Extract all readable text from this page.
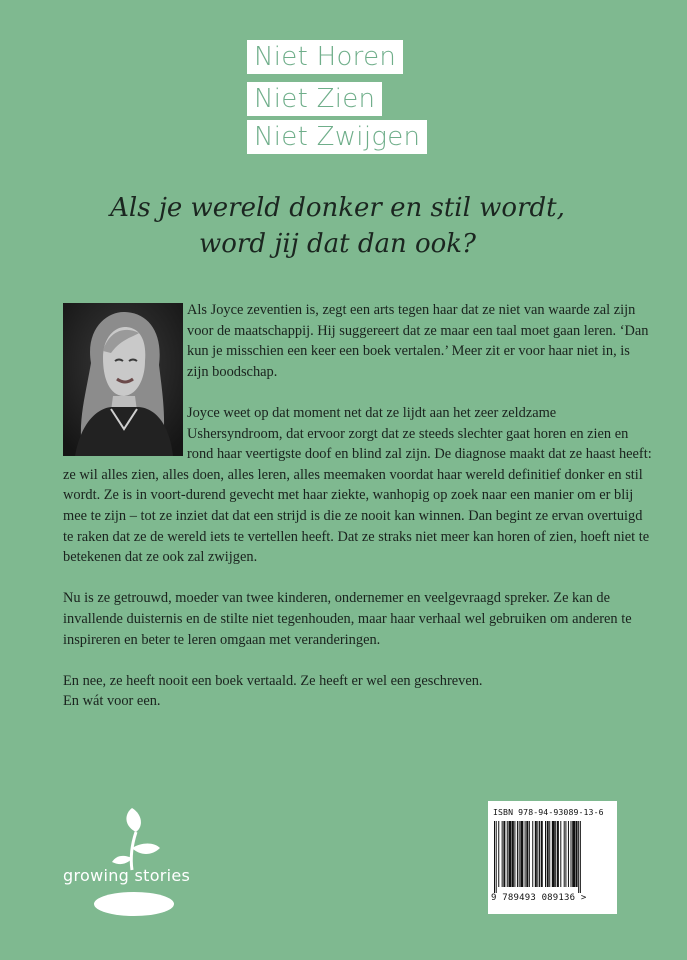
Niet Horen
Niet Zien
Niet Zwijgen
Als je wereld donker en stil wordt,
word jij dat dan ook?

Als Joyce zeventien is, zegt een arts tegen haar dat ze niet van waarde zal zijn voor de maatschappij. Hij suggereert dat ze maar een taal moet gaan leren. ‘Dan kun je misschien een keer een boek vertalen.’ Meer zit er voor haar niet in, is zijn boodschap.

Joyce weet op dat moment net dat ze lijdt aan het zeer zeldzame Ushersyndroom, dat ervoor zorgt dat ze steeds slechter gaat horen en zien en rond haar veertigste doof en blind zal zijn. De diagnose maakt dat ze haast heeft: ze wil alles zien, alles doen, alles leren, alles meemaken voordat haar wereld definitief donker en stil wordt. Ze is in voort-durend gevecht met haar ziekte, wanhopig op zoek naar een manier om er blij mee te zijn – tot ze inziet dat dat een strijd is die ze nooit kan winnen. Dan begint ze ervan overtuigd te raken dat ze de wereld iets te vertellen heeft. Dat ze straks niet meer kan horen of zien, hoeft niet te betekenen dat ze ook zal zwijgen.

Nu is ze getrouwd, moeder van twee kinderen, ondernemer en veelgevraagd spreker. Ze kan de invallende duisternis en de stilte niet tegenhouden, maar haar verhaal wel gebruiken om anderen te inspireren en beter te leren omgaan met veranderingen.

En nee, ze heeft nooit een boek vertaald. Ze heeft er wel een geschreven.
En wát voor een.

growing stories
ISBN 978-94-93089-13-6
9 789493 089136 >
